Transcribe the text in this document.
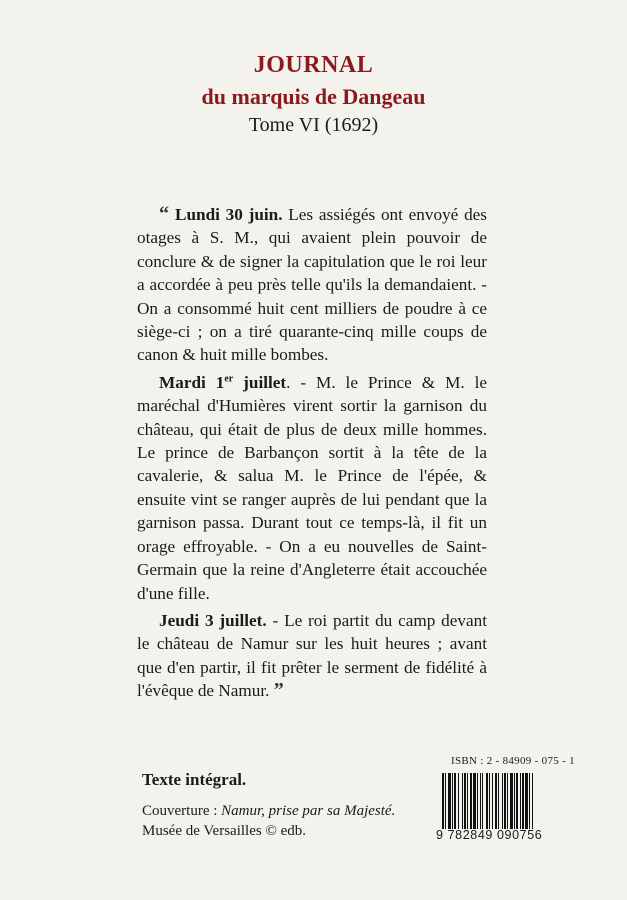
JOURNAL
du marquis de Dangeau
Tome VI (1692)

“ Lundi 30 juin. Les assiégés ont envoyé des otages à S. M., qui avaient plein pouvoir de conclure & de signer la capitulation que le roi leur a accordée à peu près telle qu'ils la demandaient. - On a consommé huit cent milliers de poudre à ce siège-ci ; on a tiré quarante-cinq mille coups de canon & huit mille bombes.

Mardi 1er juillet. - M. le Prince & M. le maréchal d'Humières virent sortir la garnison du château, qui était de plus de deux mille hommes. Le prince de Barbançon sortit à la tête de la cavalerie, & salua M. le Prince de l'épée, & ensuite vint se ranger auprès de lui pendant que la garnison passa. Durant tout ce temps-là, il fit un orage effroyable. - On a eu nouvelles de Saint-Germain que la reine d'Angleterre était accouchée d'une fille.

Jeudi 3 juillet. - Le roi partit du camp devant le château de Namur sur les huit heures ; avant que d'en partir, il fit prêter le serment de fidélité à l'évêque de Namur. ”

ISBN : 2 - 84909 - 075 - 1
9 782849 090756
Texte intégral.
Couverture : Namur, prise par sa Majesté.
Musée de Versailles © edb.
